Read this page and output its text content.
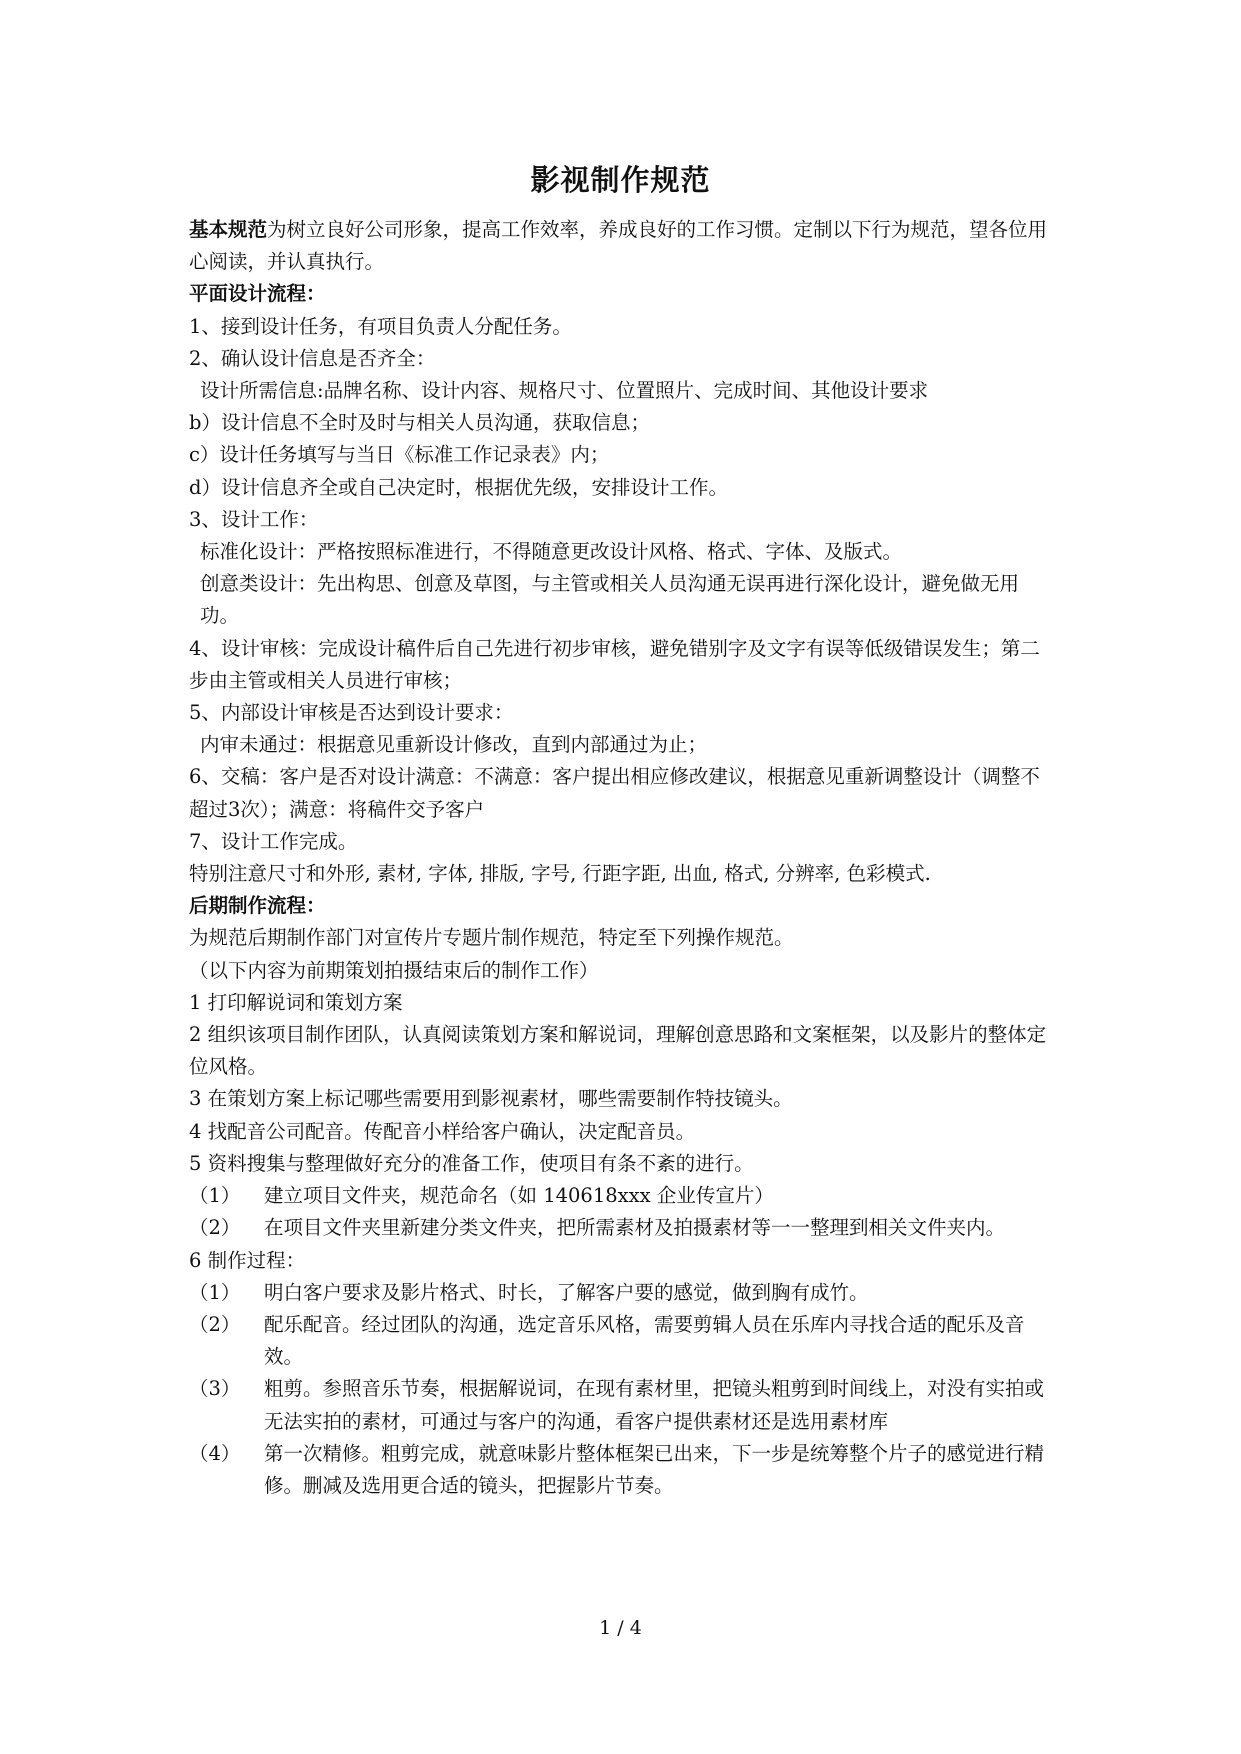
影视制作规范

基本规范为树立良好公司形象，提高工作效率，养成良好的工作习惯。定制以下行为规范，望各位用心阅读，并认真执行。

平面设计流程：

1、接到设计任务，有项目负责人分配任务。

2、确认设计信息是否齐全：

设计所需信息:品牌名称、设计内容、规格尺寸、位置照片、完成时间、其他设计要求

b）设计信息不全时及时与相关人员沟通，获取信息；

c）设计任务填写与当日《标准工作记录表》内；

d）设计信息齐全或自己决定时，根据优先级，安排设计工作。

3、设计工作：

标准化设计：严格按照标准进行，不得随意更改设计风格、格式、字体、及版式。

创意类设计：先出构思、创意及草图，与主管或相关人员沟通无误再进行深化设计，避免做无用功。

4、设计审核：完成设计稿件后自己先进行初步审核，避免错别字及文字有误等低级错误发生；第二步由主管或相关人员进行审核；

5、内部设计审核是否达到设计要求：

内审未通过：根据意见重新设计修改，直到内部通过为止；

6、交稿：客户是否对设计满意：不满意：客户提出相应修改建议，根据意见重新调整设计（调整不超过3次）；满意：将稿件交予客户

7、设计工作完成。

特别注意尺寸和外形, 素材, 字体, 排版, 字号, 行距字距, 出血, 格式, 分辨率, 色彩模式.

后期制作流程：

为规范后期制作部门对宣传片专题片制作规范，特定至下列操作规范。

（以下内容为前期策划拍摄结束后的制作工作）

1 打印解说词和策划方案

2 组织该项目制作团队，认真阅读策划方案和解说词，理解创意思路和文案框架，以及影片的整体定位风格。

3 在策划方案上标记哪些需要用到影视素材，哪些需要制作特技镜头。

4 找配音公司配音。传配音小样给客户确认，决定配音员。

5 资料搜集与整理做好充分的准备工作，使项目有条不紊的进行。

（1）	建立项目文件夹，规范命名（如 140618xxx 企业传宣片）
（2）	在项目文件夹里新建分类文件夹，把所需素材及拍摄素材等一一整理到相关文件夹内。

6 制作过程：

（1）	明白客户要求及影片格式、时长，了解客户要的感觉，做到胸有成竹。
（2）	配乐配音。经过团队的沟通，选定音乐风格，需要剪辑人员在乐库内寻找合适的配乐及音效。
（3）	粗剪。参照音乐节奏，根据解说词，在现有素材里，把镜头粗剪到时间线上，对没有实拍或无法实拍的素材，可通过与客户的沟通，看客户提供素材还是选用素材库
（4）	第一次精修。粗剪完成，就意味影片整体框架已出来，下一步是统筹整个片子的感觉进行精修。删减及选用更合适的镜头，把握影片节奏。
1 / 4
